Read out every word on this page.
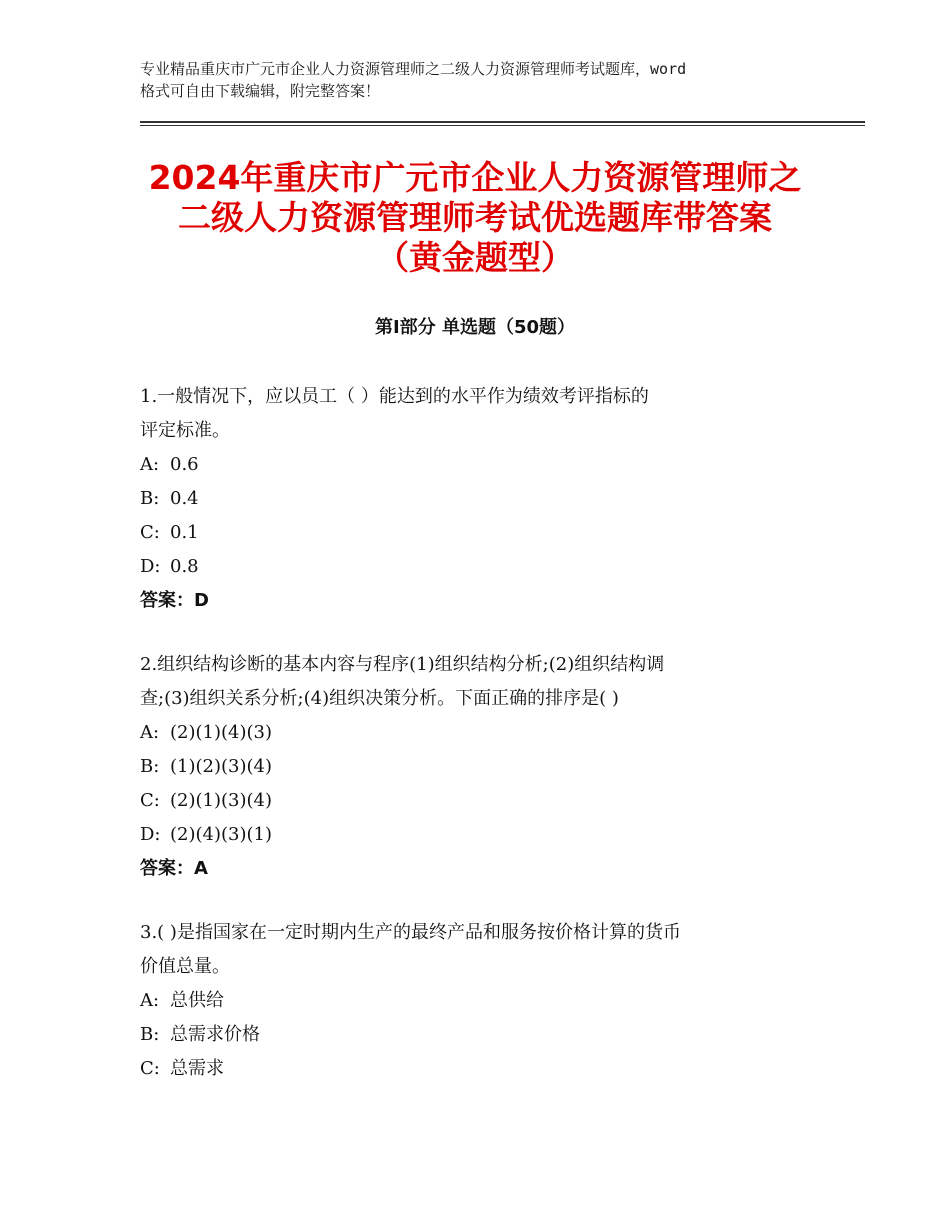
专业精品重庆市广元市企业人力资源管理师之二级人力资源管理师考试题库，word
格式可自由下载编辑，附完整答案！
2024年重庆市广元市企业人力资源管理师之
二级人力资源管理师考试优选题库带答案
（黄金题型）
第Ⅰ部分 单选题（50题）
1.一般情况下，应以员工（ ）能达到的水平作为绩效考评指标的
评定标准。
A: 0.6
B: 0.4
C: 0.1
D: 0.8
答案：D
2.组织结构诊断的基本内容与程序(1)组织结构分析;(2)组织结构调
查;(3)组织关系分析;(4)组织决策分析。下面正确的排序是( )
A: (2)(1)(4)(3)
B: (1)(2)(3)(4)
C: (2)(1)(3)(4)
D: (2)(4)(3)(1)
答案：A
3.( )是指国家在一定时期内生产的最终产品和服务按价格计算的货币
价值总量。
A: 总供给
B: 总需求价格
C: 总需求
